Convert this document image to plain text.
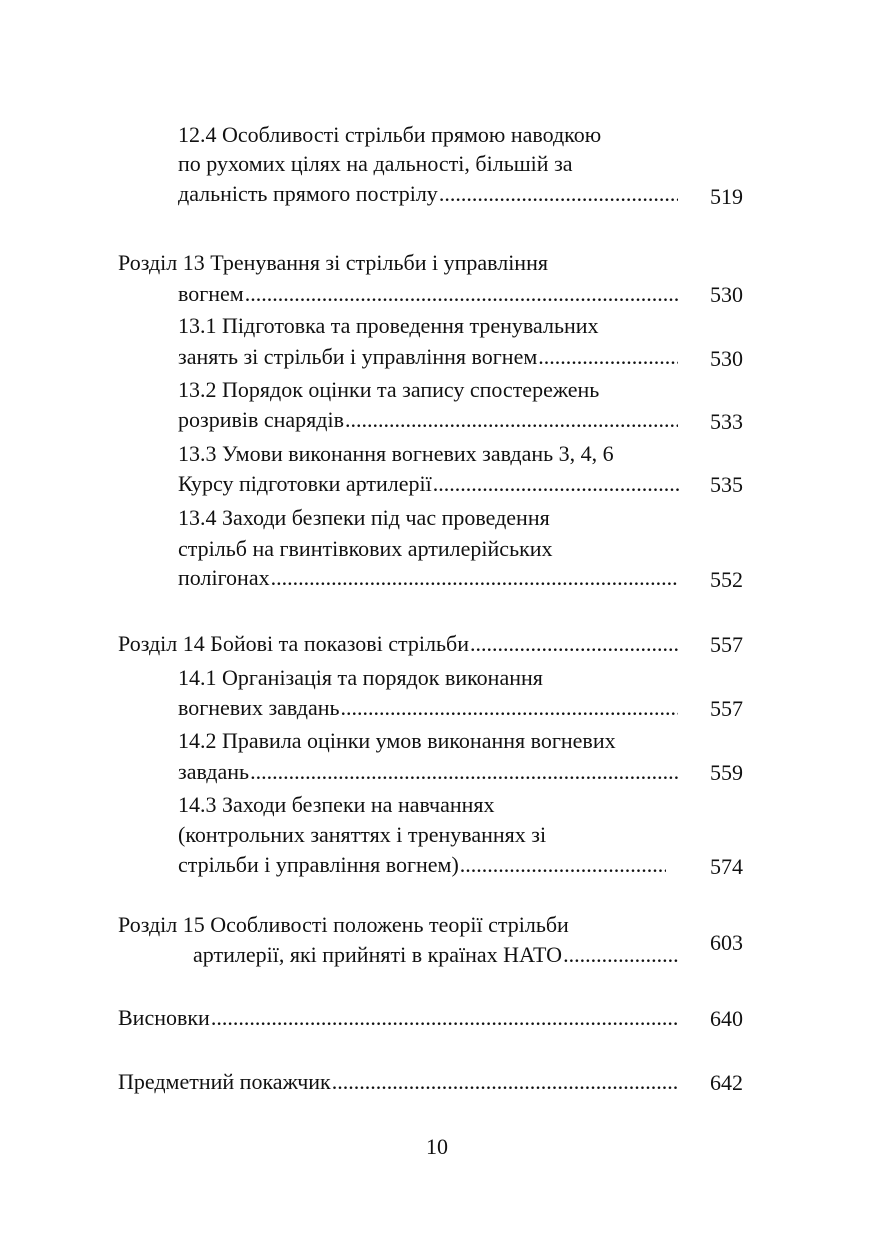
12.4 Особливості стрільби прямою наводкою
по рухомих цілях на дальності, більшій за
дальність прямого пострілу .....	519
Розділ 13 Тренування зі стрільби і управління
вогнем .....	530
13.1 Підготовка та проведення тренувальних
занять зі стрільби і управління вогнем .....	530
13.2 Порядок оцінки та запису спостережень
розривів снарядів .....	533
13.3 Умови виконання вогневих завдань 3, 4, 6
Курсу підготовки артилерії .....	535
13.4 Заходи безпеки під час проведення
стрільб на гвинтівкових артилерійських
полігонах .....	552
Розділ 14 Бойові та показові стрільби .....	557
14.1 Організація та порядок виконання
вогневих завдань .....	557
14.2 Правила оцінки умов виконання вогневих
завдань .....	559
14.3 Заходи безпеки на навчаннях
(контрольних заняттях і тренуваннях зі
стрільби і управління вогнем) .....	574
Розділ 15 Особливості положень теорії стрільби
артилерії, які прийняті в країнах НАТО .....	603
Висновки .....	640
Предметний покажчик .....	642
10
